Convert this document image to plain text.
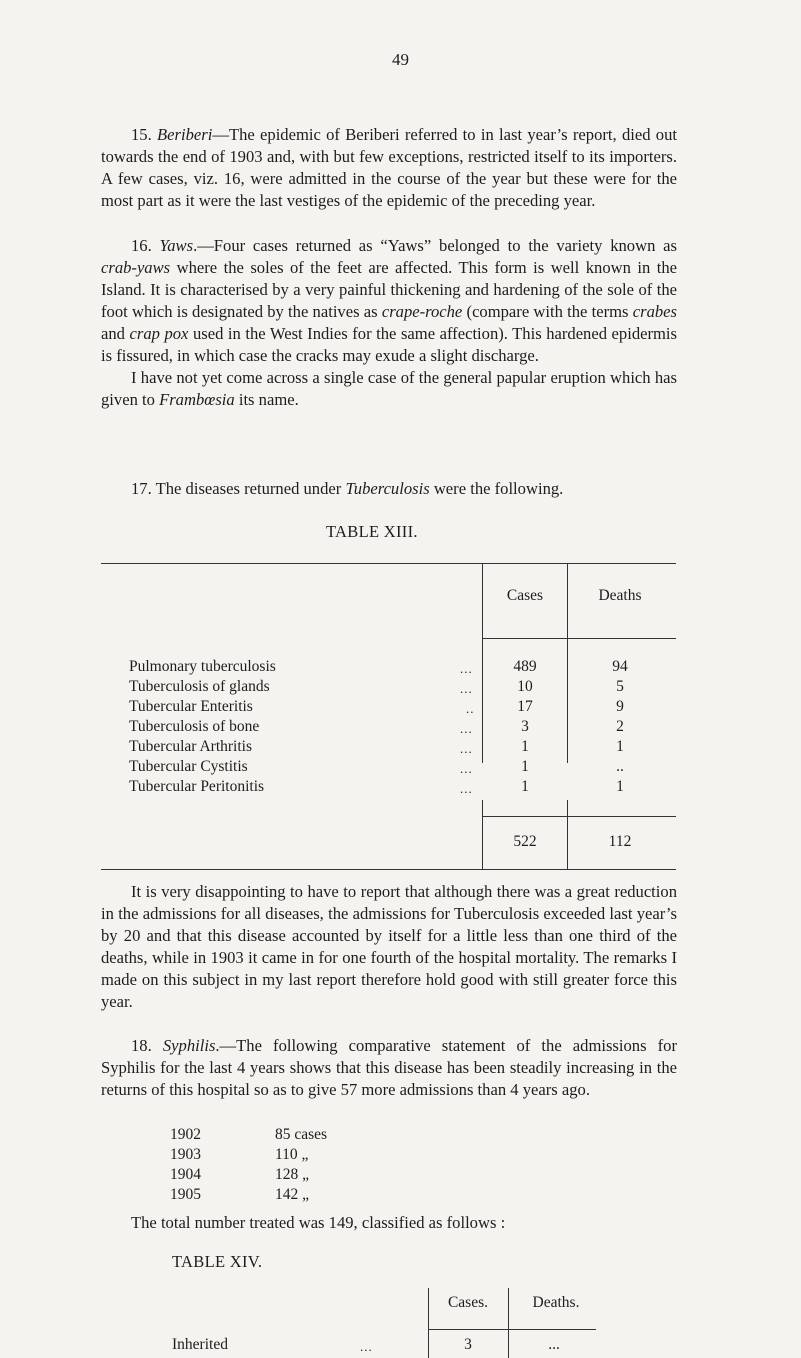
49

15. Beriberi—The epidemic of Beriberi referred to in last year’s report, died out towards the end of 1903 and, with but few exceptions, restricted itself to its importers. A few cases, viz. 16, were admitted in the course of the year but these were for the most part as it were the last vestiges of the epidemic of the preceding year.

16. Yaws.—Four cases returned as “Yaws” belonged to the variety known as crab-yaws where the soles of the feet are affected. This form is well known in the Island. It is characterised by a very painful thickening and hardening of the sole of the foot which is designated by the natives as crape-roche (compare with the terms crabes and crap pox used in the West Indies for the same affection). This hardened epidermis is fissured, in which case the cracks may exude a slight discharge.

I have not yet come across a single case of the general papular eruption which has given to Frambœsia its name.

17. The diseases returned under Tuberculosis were the following.

TABLE XIII.
Cases	Deaths
Pulmonary tuberculosis	489	94
Tuberculosis of glands	10	5
Tubercular Enteritis	17	9
Tuberculosis of bone	3	2
Tubercular Arthritis	1	1
Tubercular Cystitis	1	..
Tubercular Peritonitis	1	1
...
...
..
...
...
...
...
522	112

It is very disappointing to have to report that although there was a great reduction in the admissions for all diseases, the admissions for Tuberculosis exceeded last year’s by 20 and that this disease accounted by itself for a little less than one third of the deaths, while in 1903 it came in for one fourth of the hospital mortality. The remarks I made on this subject in my last report therefore hold good with still greater force this year.

18. Syphilis.—The following comparative statement of the admissions for Syphilis for the last 4 years shows that this disease has been steadily increasing in the returns of this hospital so as to give 57 more admissions than 4 years ago.

1902	85 cases
1903	110 „
1904	128 „
1905	142 „

The total number treated was 149, classified as follows :

TABLE XIV.
Cases.	Deaths.
Inherited	3	...
...
